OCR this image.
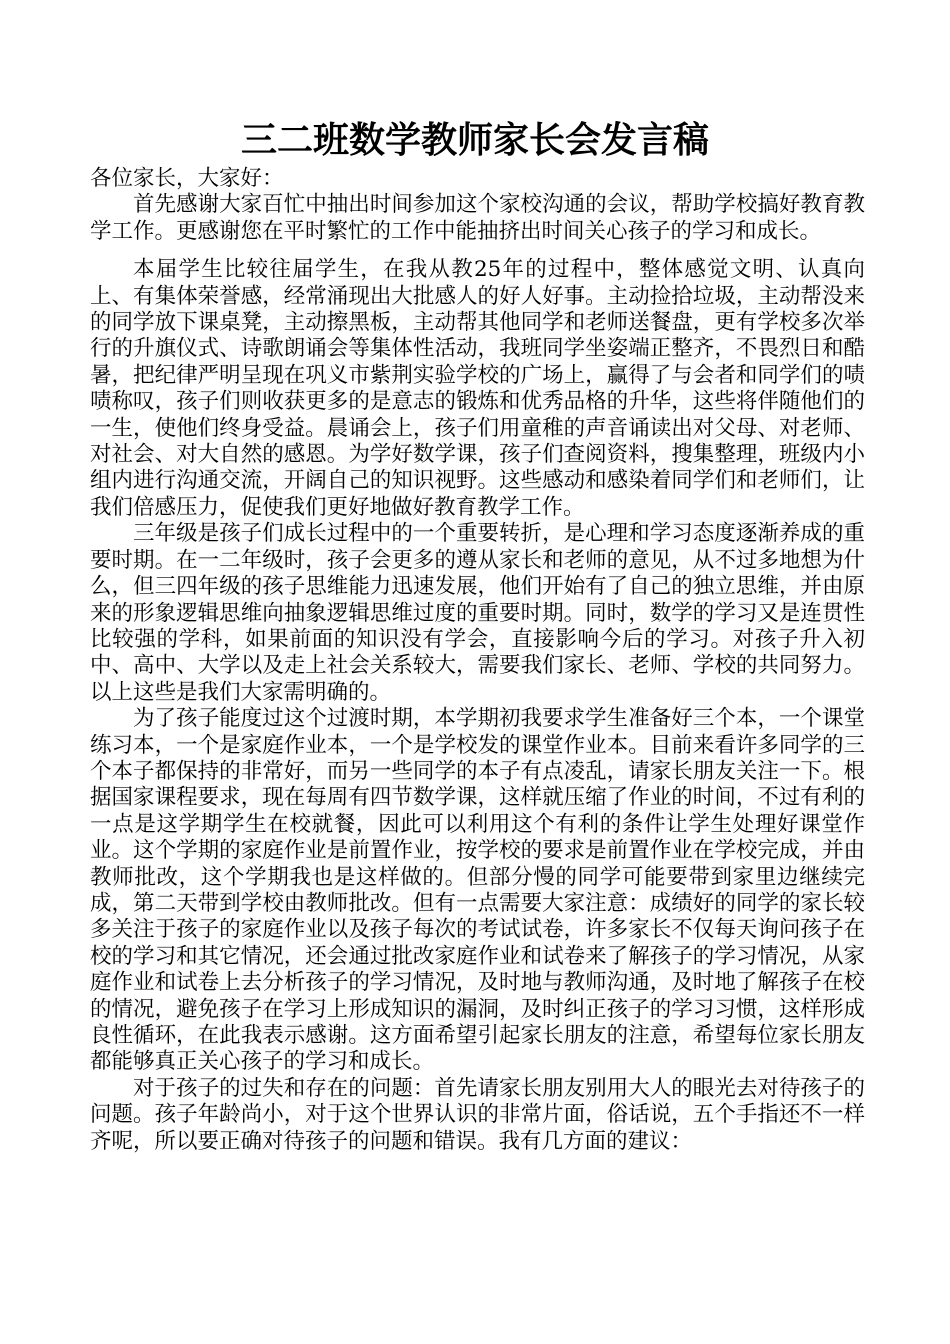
三二班数学教师家长会发言稿

各位家长，大家好：

首先感谢大家百忙中抽出时间参加这个家校沟通的会议，帮助学校搞好教育教学工作。更感谢您在平时繁忙的工作中能抽挤出时间关心孩子的学习和成长。

本届学生比较往届学生，在我从教25年的过程中，整体感觉文明、认真向上、有集体荣誉感，经常涌现出大批感人的好人好事。主动捡拾垃圾，主动帮没来的同学放下课桌凳，主动擦黑板，主动帮其他同学和老师送餐盘，更有学校多次举行的升旗仪式、诗歌朗诵会等集体性活动，我班同学坐姿端正整齐，不畏烈日和酷暑，把纪律严明呈现在巩义市紫荆实验学校的广场上，赢得了与会者和同学们的啧啧称叹，孩子们则收获更多的是意志的锻炼和优秀品格的升华，这些将伴随他们的一生，使他们终身受益。晨诵会上，孩子们用童稚的声音诵读出对父母、对老师、对社会、对大自然的感恩。为学好数学课，孩子们查阅资料，搜集整理，班级内小组内进行沟通交流，开阔自己的知识视野。这些感动和感染着同学们和老师们，让我们倍感压力，促使我们更好地做好教育教学工作。

三年级是孩子们成长过程中的一个重要转折，是心理和学习态度逐渐养成的重要时期。在一二年级时，孩子会更多的遵从家长和老师的意见，从不过多地想为什么，但三四年级的孩子思维能力迅速发展，他们开始有了自己的独立思维，并由原来的形象逻辑思维向抽象逻辑思维过度的重要时期。同时，数学的学习又是连贯性比较强的学科，如果前面的知识没有学会，直接影响今后的学习。对孩子升入初中、高中、大学以及走上社会关系较大，需要我们家长、老师、学校的共同努力。以上这些是我们大家需明确的。

为了孩子能度过这个过渡时期，本学期初我要求学生准备好三个本，一个课堂练习本，一个是家庭作业本，一个是学校发的课堂作业本。目前来看许多同学的三个本子都保持的非常好，而另一些同学的本子有点凌乱，请家长朋友关注一下。根据国家课程要求，现在每周有四节数学课，这样就压缩了作业的时间，不过有利的一点是这学期学生在校就餐，因此可以利用这个有利的条件让学生处理好课堂作业。这个学期的家庭作业是前置作业，按学校的要求是前置作业在学校完成，并由教师批改，这个学期我也是这样做的。但部分慢的同学可能要带到家里边继续完成，第二天带到学校由教师批改。但有一点需要大家注意：成绩好的同学的家长较多关注于孩子的家庭作业以及孩子每次的考试试卷，许多家长不仅每天询问孩子在校的学习和其它情况，还会通过批改家庭作业和试卷来了解孩子的学习情况，从家庭作业和试卷上去分析孩子的学习情况，及时地与教师沟通，及时地了解孩子在校的情况，避免孩子在学习上形成知识的漏洞，及时纠正孩子的学习习惯，这样形成良性循环，在此我表示感谢。这方面希望引起家长朋友的注意，希望每位家长朋友都能够真正关心孩子的学习和成长。

对于孩子的过失和存在的问题：首先请家长朋友别用大人的眼光去对待孩子的问题。孩子年龄尚小，对于这个世界认识的非常片面，俗话说，五个手指还不一样齐呢，所以要正确对待孩子的问题和错误。我有几方面的建议：
